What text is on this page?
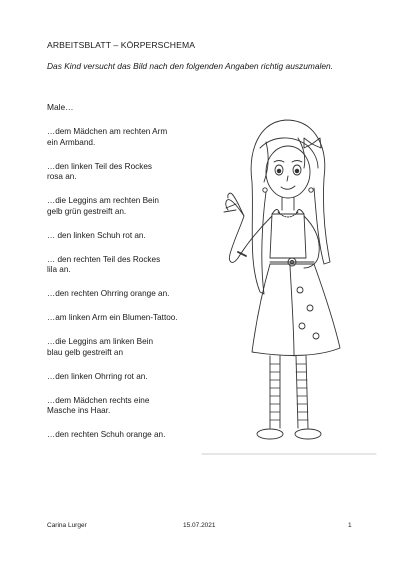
ARBEITSBLATT – KÖRPERSCHEMA
Das Kind versucht das Bild nach den folgenden Angaben richtig auszumalen.
Male…
…dem Mädchen am rechten Arm
ein Armband.
…den linken Teil des Rockes
rosa an.
…die Leggins am rechten Bein
gelb grün gestreift an.
… den linken Schuh rot an.
… den rechten Teil des Rockes
lila an.
…den rechten Ohrring orange an.
…am linken Arm ein Blumen-Tattoo.
…die Leggins am linken Bein
blau gelb gestreift an
…den linken Ohrring rot an.
…dem Mädchen rechts eine
Masche ins Haar.
…den rechten Schuh orange an.
Carina Lurger	15.07.2021	1
